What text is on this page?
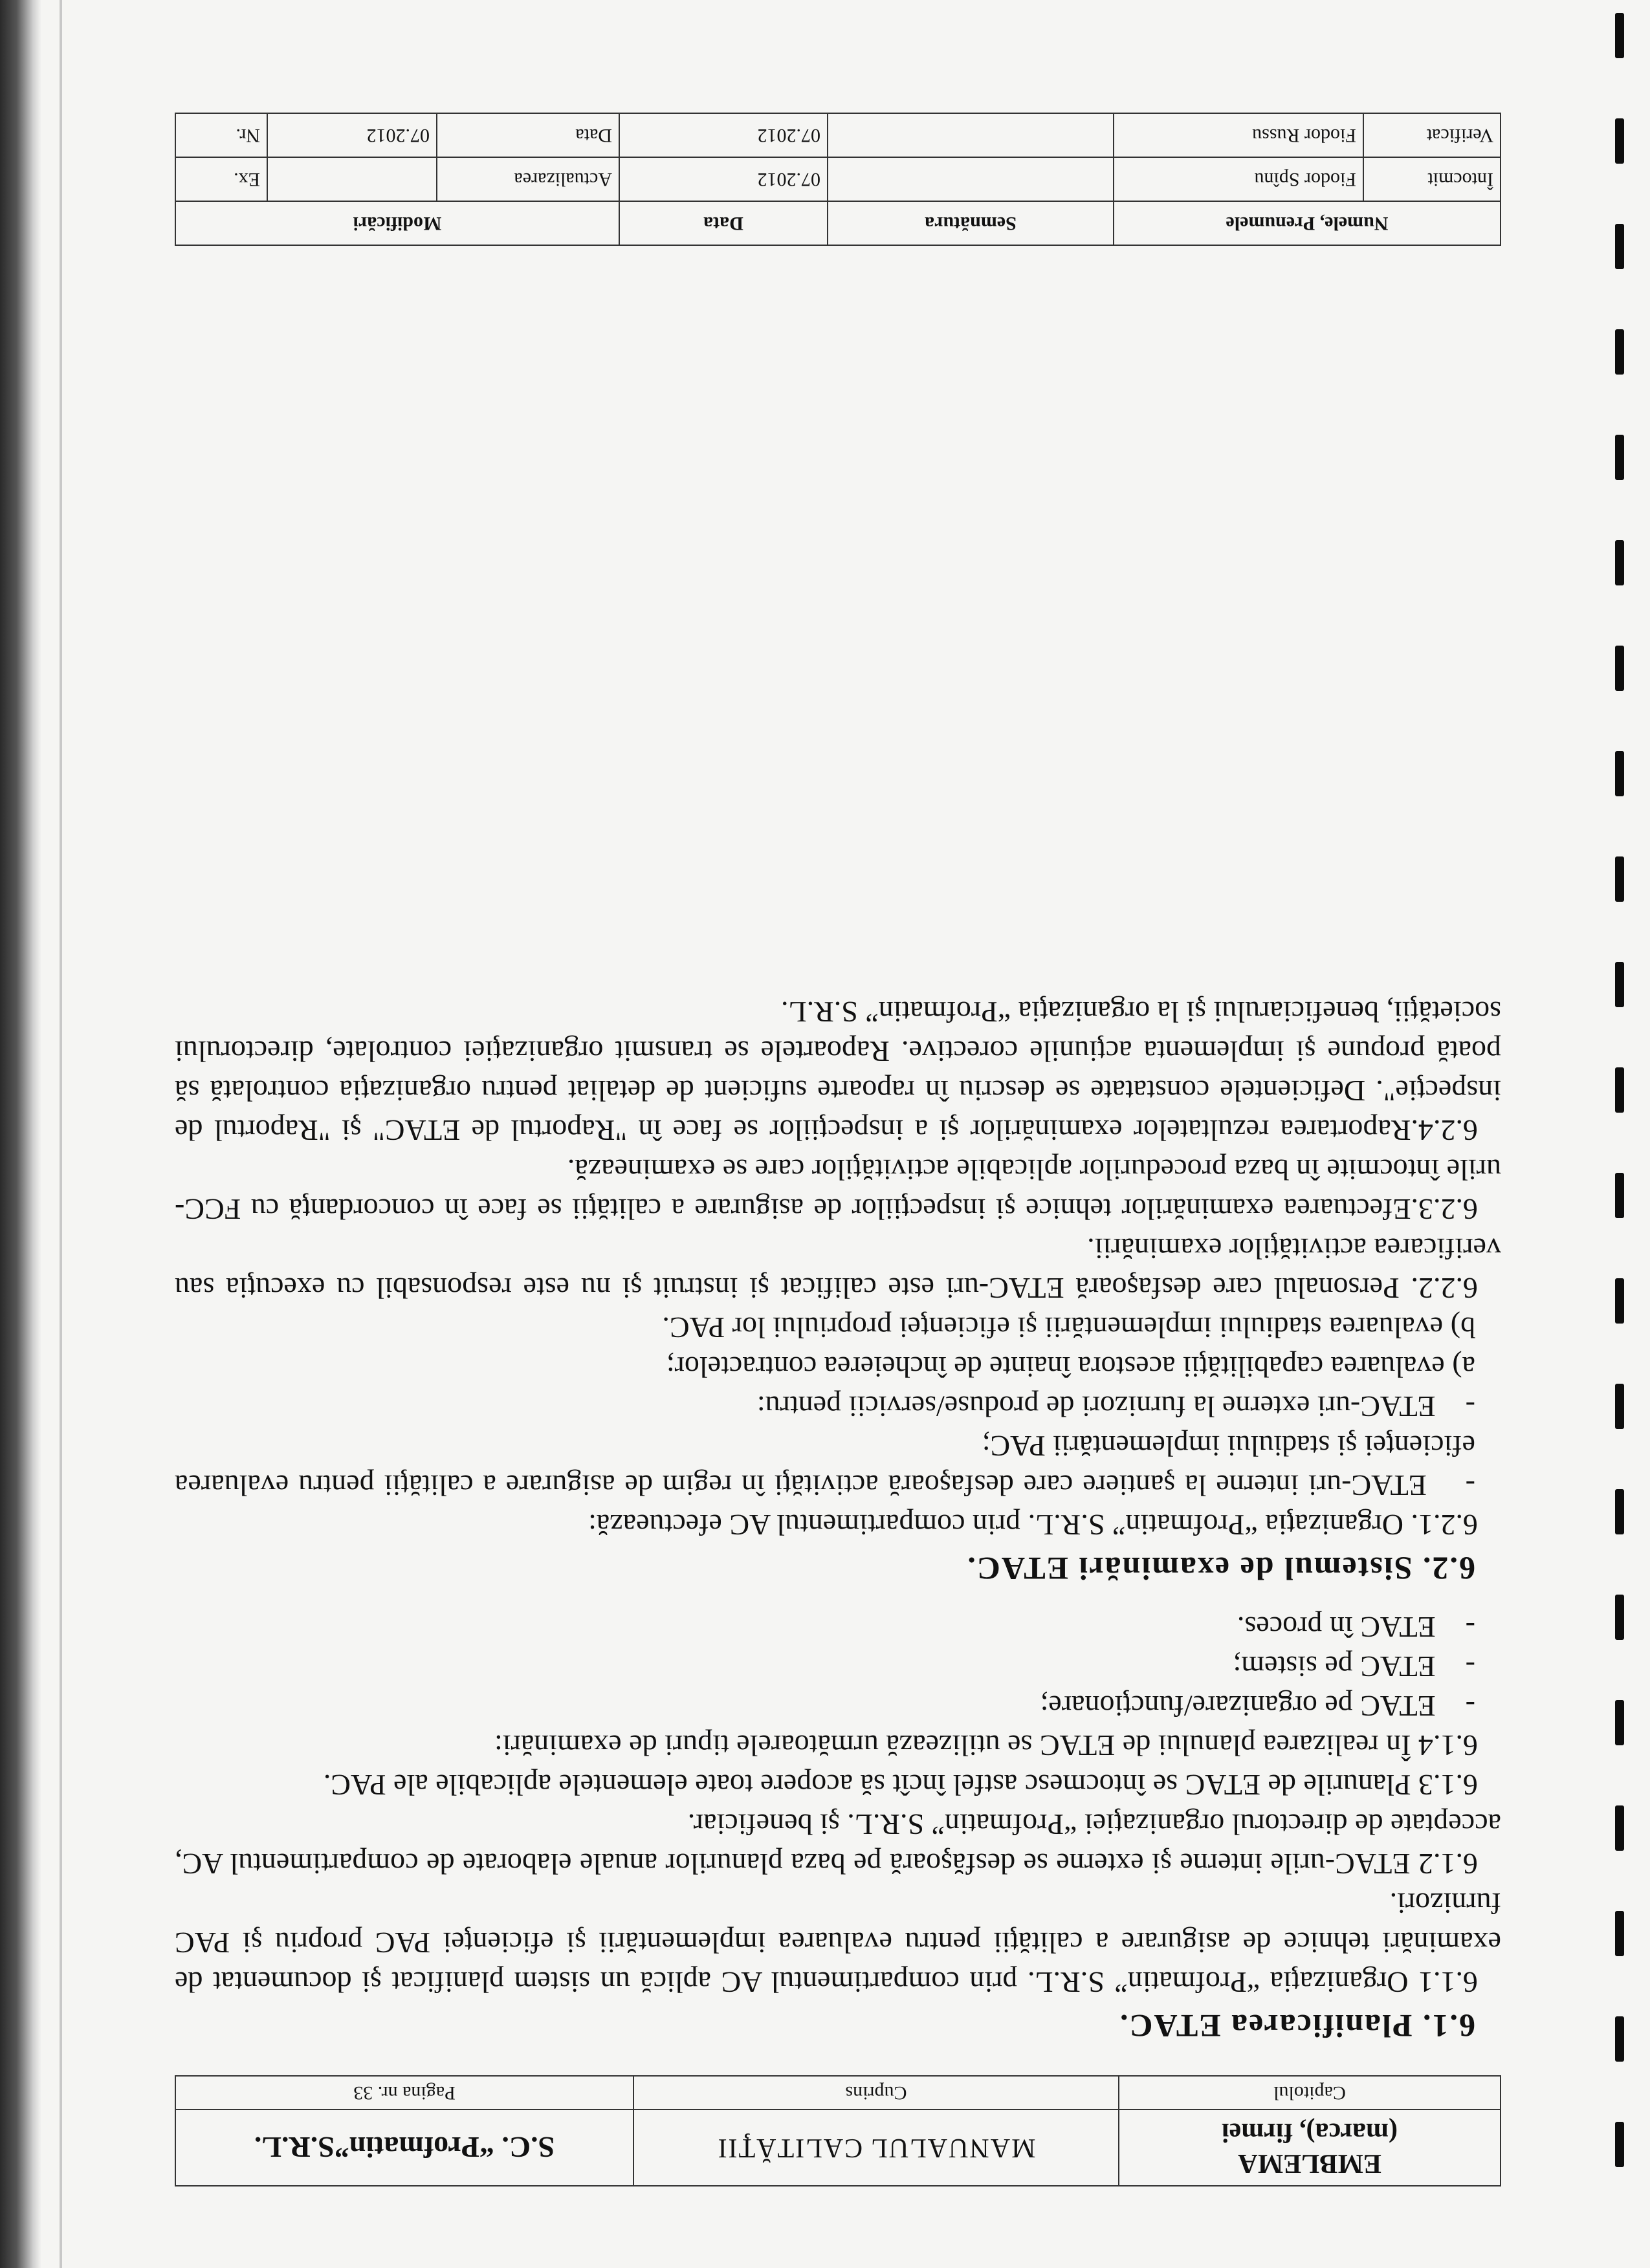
EMBLEMA
(marca), firmei	MANUALUL CALITĂŢII	S.C. “Profmatin”S.R.L.
Capitolul	Cuprins	Pagina nr. 33

6.1. Planificarea ETAC.

6.1.1 Organizaţia “Profmatin” S.R.L. prin compartimentul AC aplică un sistem planificat şi documentat de examinări tehnice de asigurare a calităţii pentru evaluarea implementării şi eficienţei PAC propriu şi PAC furnizori.

6.1.2 ETAC-urile interne şi externe se desfăşoară pe baza planurilor anuale elaborate de compartimentul AC, acceptate de directorul organizaţiei “Profmatin” S.R.L. şi beneficiar.

6.1.3 Planurile de ETAC se întocmesc astfel încît să acopere toate elementele aplicabile ale PAC.

6.1.4 În realizarea planului de ETAC se utilizează următoarele tipuri de examinări:

-    ETAC pe organizare/funcţionare;

-    ETAC pe sistem;

-    ETAC în proces.

6.2. Sistemul de examinări ETAC.

6.2.1. Organizaţia “Profmatin” S.R.L. prin compartimentul AC efectuează:

-    ETAC-uri interne la şantiere care desfaşoară activităţi în regim de asigurare a calităţii pentru evaluarea eficienţei şi stadiului implementării PAC;

-    ETAC-uri externe la furnizori de produse/servicii pentru:

a) evaluarea capabilităţii acestora înainte de încheierea contractelor;

b) evaluarea stadiului implementării şi eficienţei propriului lor PAC.

6.2.2. Personalul care desfaşoară ETAC-uri este calificat şi instruit şi nu este responsabil cu execuţia sau verificarea activităţilor examinării.

6.2.3.Efectuarea examinărilor tehnice şi inspecţiilor de asigurare a calităţii se face în concordanţă cu FCC-urile întocmite în baza procedurilor aplicabile activităţilor care se examinează.

6.2.4.Raportarea rezultatelor examinărilor şi a inspecţiilor se face în "Raportul de ETAC" şi "Raportul de inspecţie". Deficientele constatate se descriu în rapoarte suficient de detaliat pentru organizaţia controlată să poată propune şi implementa acţiunile corective. Rapoartele se transmit organizaţiei controlate, directorului societăţii, beneficiarului şi la organizaţia “Profmatin” S.R.L.

Numele, Prenumele		Semnătura	Data	Modificări		
Întocmit	Fiodor Spînu		07.2012	Actualizarea		Ex.
Verificat	Fiodor Russu		07.2012	Data	07.2012	Nr.
